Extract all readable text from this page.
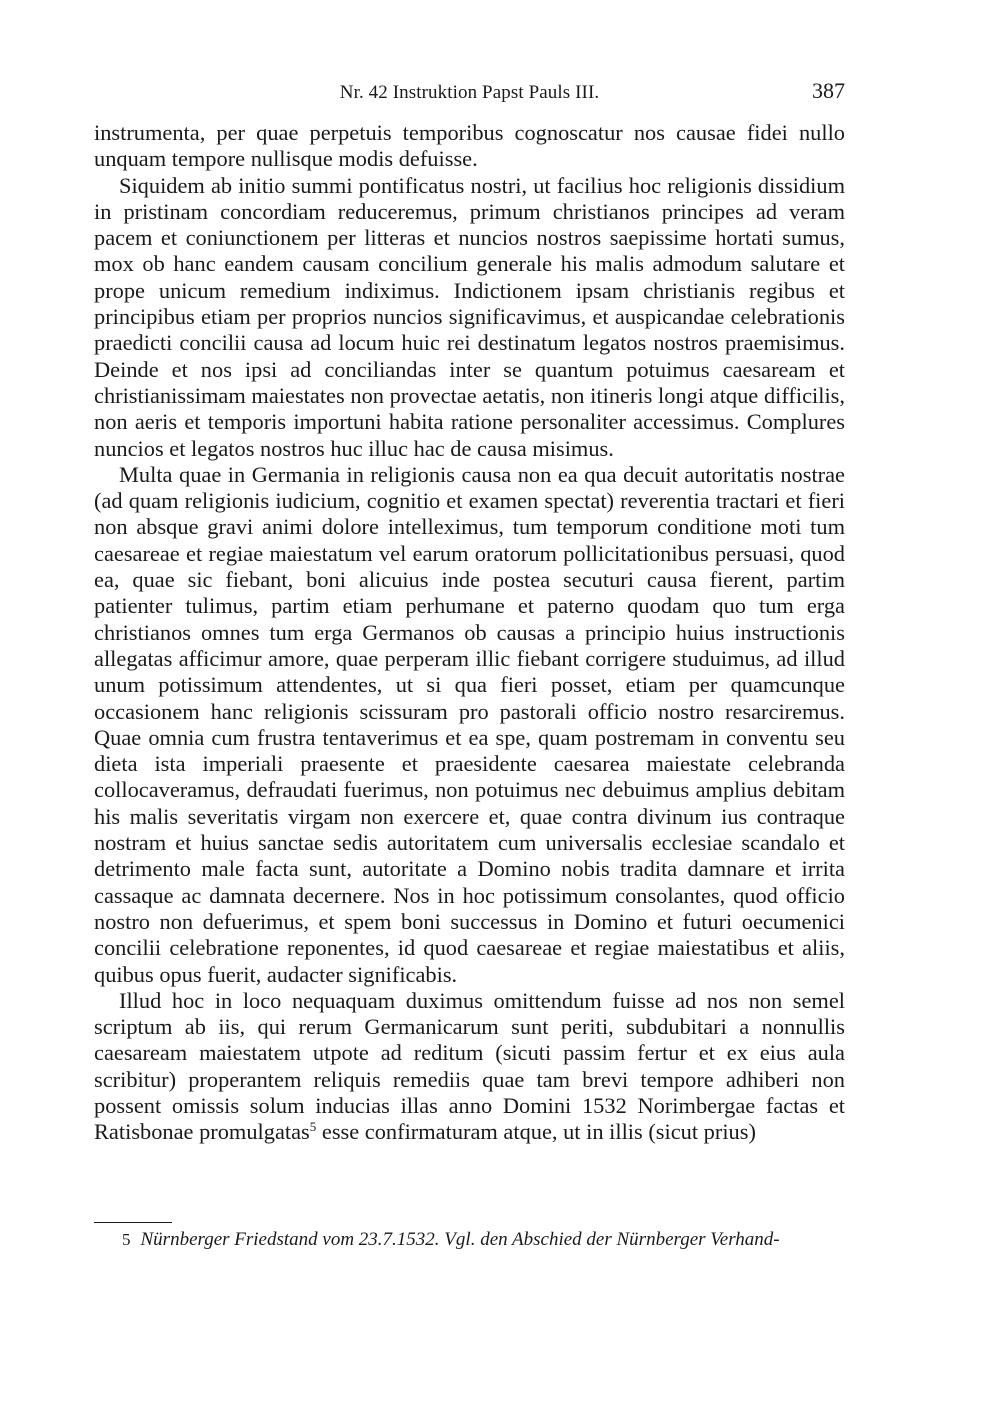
Nr. 42 Instruktion Papst Pauls III.	387

instrumenta, per quae perpetuis temporibus cognoscatur nos causae fidei nullo unquam tempore nullisque modis defuisse.

Siquidem ab initio summi pontificatus nostri, ut facilius hoc religionis dissidium in pristinam concordiam reduceremus, primum christianos principes ad veram pacem et coniunctionem per litteras et nuncios nostros saepissime hortati sumus, mox ob hanc eandem causam concilium generale his malis admodum salutare et prope unicum remedium indiximus. Indictionem ipsam christianis regibus et principibus etiam per proprios nuncios significavimus, et auspicandae celebrationis praedicti concilii causa ad locum huic rei destinatum legatos nostros praemisimus. Deinde et nos ipsi ad conciliandas inter se quantum potuimus caesaream et christianissimam maiestates non provectae aetatis, non itineris longi atque difficilis, non aeris et temporis importuni habita ratione personaliter accessimus. Complures nuncios et legatos nostros huc illuc hac de causa misimus.

Multa quae in Germania in religionis causa non ea qua decuit autoritatis nostrae (ad quam religionis iudicium, cognitio et examen spectat) reverentia tractari et fieri non absque gravi animi dolore intelleximus, tum temporum conditione moti tum caesareae et regiae maiestatum vel earum oratorum pollicitationibus persuasi, quod ea, quae sic fiebant, boni alicuius inde postea secuturi causa fierent, partim patienter tulimus, partim etiam perhumane et paterno quodam quo tum erga christianos omnes tum erga Germanos ob causas a principio huius instructionis allegatas afficimur amore, quae perperam illic fiebant corrigere studuimus, ad illud unum potissimum attendentes, ut si qua fieri posset, etiam per quamcunque occasionem hanc religionis scissuram pro pastorali officio nostro resarciremus. Quae omnia cum frustra tentaverimus et ea spe, quam postremam in conventu seu dieta ista imperiali praesente et praesidente caesarea maiestate celebranda collocaveramus, defraudati fuerimus, non potuimus nec debuimus amplius debitam his malis severitatis virgam non exercere et, quae contra divinum ius contraque nostram et huius sanctae sedis autoritatem cum universalis ecclesiae scandalo et detrimento male facta sunt, autoritate a Domino nobis tradita damnare et irrita cassaque ac damnata decernere. Nos in hoc potissimum consolantes, quod officio nostro non defuerimus, et spem boni successus in Domino et futuri oecumenici concilii celebratione reponentes, id quod caesareae et regiae maiestatibus et aliis, quibus opus fuerit, audacter significabis.

Illud hoc in loco nequaquam duximus omittendum fuisse ad nos non semel scriptum ab iis, qui rerum Germanicarum sunt periti, subdubitari a nonnullis caesaream maiestatem utpote ad reditum (sicuti passim fertur et ex eius aula scribitur) properantem reliquis remediis quae tam brevi tempore adhiberi non possent omissis solum inducias illas anno Domini 1532 Norimbergae factas et Ratisbonae promulgatas$^5$ esse confirmaturam atque, ut in illis (sicut prius)

5 Nürnberger Friedstand vom 23.7.1532. Vgl. den Abschied der Nürnberger Verhand-
